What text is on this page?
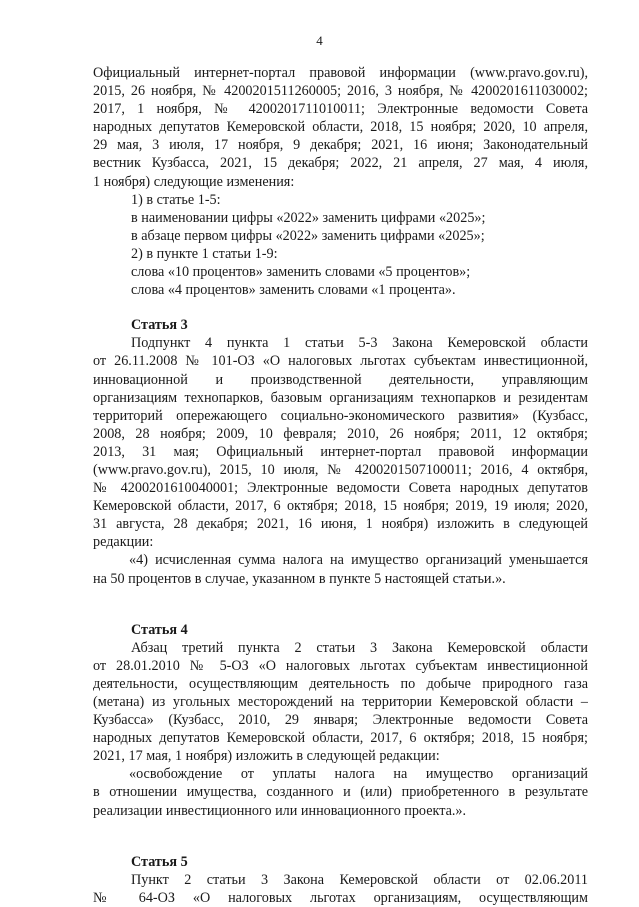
4
Официальный интернет-портал правовой информации (www.pravo.gov.ru),
2015, 26 ноября, № 4200201511260005; 2016, 3 ноября, № 4200201611030002;
2017, 1 ноября, № 4200201711010011; Электронные ведомости Совета
народных депутатов Кемеровской области, 2018, 15 ноября; 2020, 10 апреля,
29 мая, 3 июля, 17 ноября, 9 декабря; 2021, 16 июня; Законодательный
вестник Кузбасса, 2021, 15 декабря; 2022, 21 апреля, 27 мая, 4 июля,
1 ноября) следующие изменения:
1) в статье 1-5:
в наименовании цифры «2022» заменить цифрами «2025»;
в абзаце первом цифры «2022» заменить цифрами «2025»;
2) в пункте 1 статьи 1-9:
слова «10 процентов» заменить словами «5 процентов»;
слова «4 процентов» заменить словами «1 процента».
Статья 3
Подпункт 4 пункта 1 статьи 5-3 Закона Кемеровской области
от 26.11.2008 № 101-ОЗ «О налоговых льготах субъектам инвестиционной,
инновационной и производственной деятельности, управляющим
организациям технопарков, базовым организациям технопарков и резидентам
территорий опережающего социально-экономического развития» (Кузбасс,
2008, 28 ноября; 2009, 10 февраля; 2010, 26 ноября; 2011, 12 октября;
2013, 31 мая; Официальный интернет-портал правовой информации
(www.pravo.gov.ru), 2015, 10 июля, № 4200201507100011; 2016, 4 октября,
№ 4200201610040001; Электронные ведомости Совета народных депутатов
Кемеровской области, 2017, 6 октября; 2018, 15 ноября; 2019, 19 июля; 2020,
31 августа, 28 декабря; 2021, 16 июня, 1 ноября) изложить в следующей
редакции:
«4) исчисленная сумма налога на имущество организаций уменьшается
на 50 процентов в случае, указанном в пункте 5 настоящей статьи.».
Статья 4
Абзац третий пункта 2 статьи 3 Закона Кемеровской области
от 28.01.2010 № 5-ОЗ «О налоговых льготах субъектам инвестиционной
деятельности, осуществляющим деятельность по добыче природного газа
(метана) из угольных месторождений на территории Кемеровской области –
Кузбасса» (Кузбасс, 2010, 29 января; Электронные ведомости Совета
народных депутатов Кемеровской области, 2017, 6 октября; 2018, 15 ноября;
2021, 17 мая, 1 ноября) изложить в следующей редакции:
«освобождение от уплаты налога на имущество организаций
в отношении имущества, созданного и (или) приобретенного в результате
реализации инвестиционного или инновационного проекта.».
Статья 5
Пункт 2 статьи 3 Закона Кемеровской области от 02.06.2011
№ 64-ОЗ «О налоговых льготах организациям, осуществляющим
